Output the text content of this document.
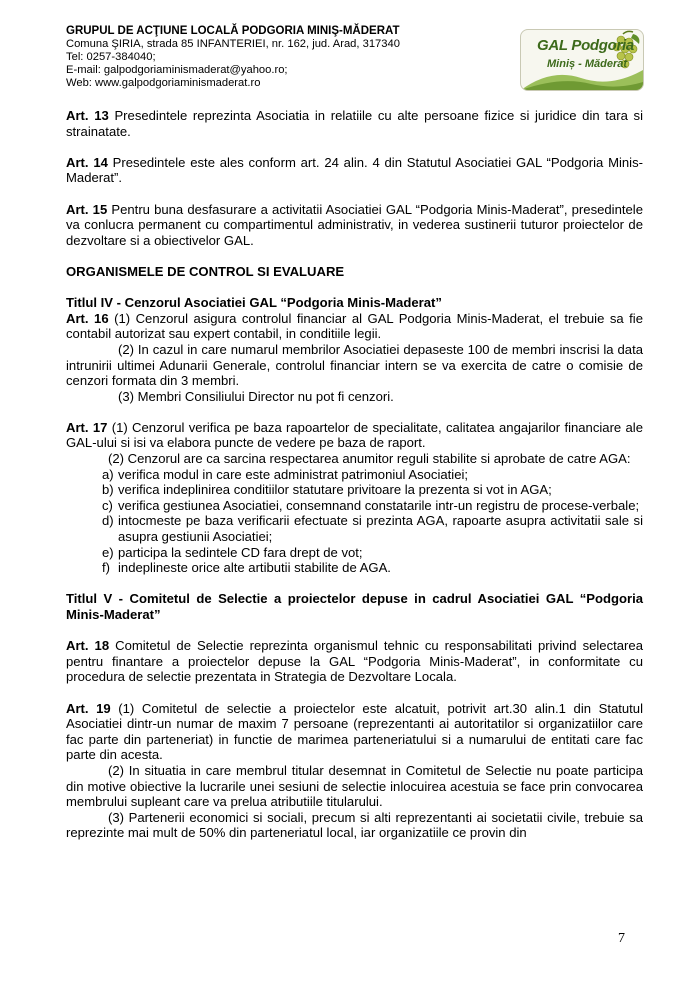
GRUPUL DE ACŢIUNE LOCALĂ PODGORIA MINIŞ-MĂDERAT
Comuna ŞIRIA, strada 85 INFANTERIEI, nr. 162, jud. Arad, 317340
Tel: 0257-384040;
E-mail: galpodgoriaminismaderat@yahoo.ro;
Web: www.galpodgoriaminismaderat.ro
GAL Podgoria
Miniș - Măderat

Art. 13 Presedintele reprezinta Asociatia in relatiile cu alte persoane fizice si juridice din tara si strainatate.

Art. 14 Presedintele este ales conform art. 24 alin. 4 din Statutul Asociatiei GAL “Podgoria Minis-Maderat”.

Art. 15 Pentru buna desfasurare a activitatii Asociatiei GAL “Podgoria Minis-Maderat”, presedintele va conlucra permanent cu compartimentul administrativ, in vederea sustinerii tuturor proiectelor de dezvoltare si a obiectivelor GAL.

ORGANISMELE DE CONTROL SI EVALUARE

Titlul IV - Cenzorul Asociatiei GAL “Podgoria Minis-Maderat”

Art. 16 (1) Cenzorul asigura controlul financiar al GAL Podgoria Minis-Maderat, el trebuie sa fie contabil autorizat sau expert contabil, in conditiile legii.

(2) In cazul in care numarul membrilor Asociatiei depaseste 100 de membri inscrisi la data intrunirii ultimei Adunarii Generale, controlul financiar intern se va exercita de catre o comisie de cenzori formata din 3 membri.

(3) Membri Consiliului Director nu pot fi cenzori.

Art. 17 (1) Cenzorul verifica pe baza rapoartelor de specialitate, calitatea angajarilor financiare ale GAL-ului si isi va elabora puncte de vedere pe baza de raport.

(2) Cenzorul are ca sarcina respectarea anumitor reguli stabilite si aprobate de catre AGA:

a) verifica modul in care este administrat patrimoniul Asociatiei;
b) verifica indeplinirea conditiilor statutare privitoare la prezenta si vot in AGA;
c) verifica gestiunea Asociatiei, consemnand constatarile intr-un registru de procese-verbale;
d) intocmeste pe baza verificarii efectuate si prezinta AGA, rapoarte asupra activitatii sale si asupra gestiunii Asociatiei;
e) participa la sedintele CD fara drept de vot;
f) indeplineste orice alte artibutii stabilite de AGA.

Titlul V - Comitetul de Selectie a proiectelor depuse in cadrul Asociatiei GAL “Podgoria Minis-Maderat”

Art. 18 Comitetul de Selectie reprezinta organismul tehnic cu responsabilitati privind selectarea pentru finantare a proiectelor depuse la GAL “Podgoria Minis-Maderat”, in conformitate cu procedura de selectie prezentata in Strategia de Dezvoltare Locala.

Art. 19 (1) Comitetul de selectie a proiectelor este alcatuit, potrivit art.30 alin.1 din Statutul Asociatiei dintr-un numar de maxim 7 persoane (reprezentanti ai autoritatilor si organizatiilor care fac parte din parteneriat) in functie de marimea parteneriatului si a numarului de entitati care fac parte din acesta.

(2) In situatia in care membrul titular desemnat in Comitetul de Selectie nu poate participa din motive obiective la lucrarile unei sesiuni de selectie inlocuirea acestuia se face prin convocarea membrului supleant care va prelua atributiile titularului.

(3) Partenerii economici si sociali, precum si alti reprezentanti ai societatii civile, trebuie sa reprezinte mai mult de 50% din parteneriatul local, iar organizatiile ce provin din

7
